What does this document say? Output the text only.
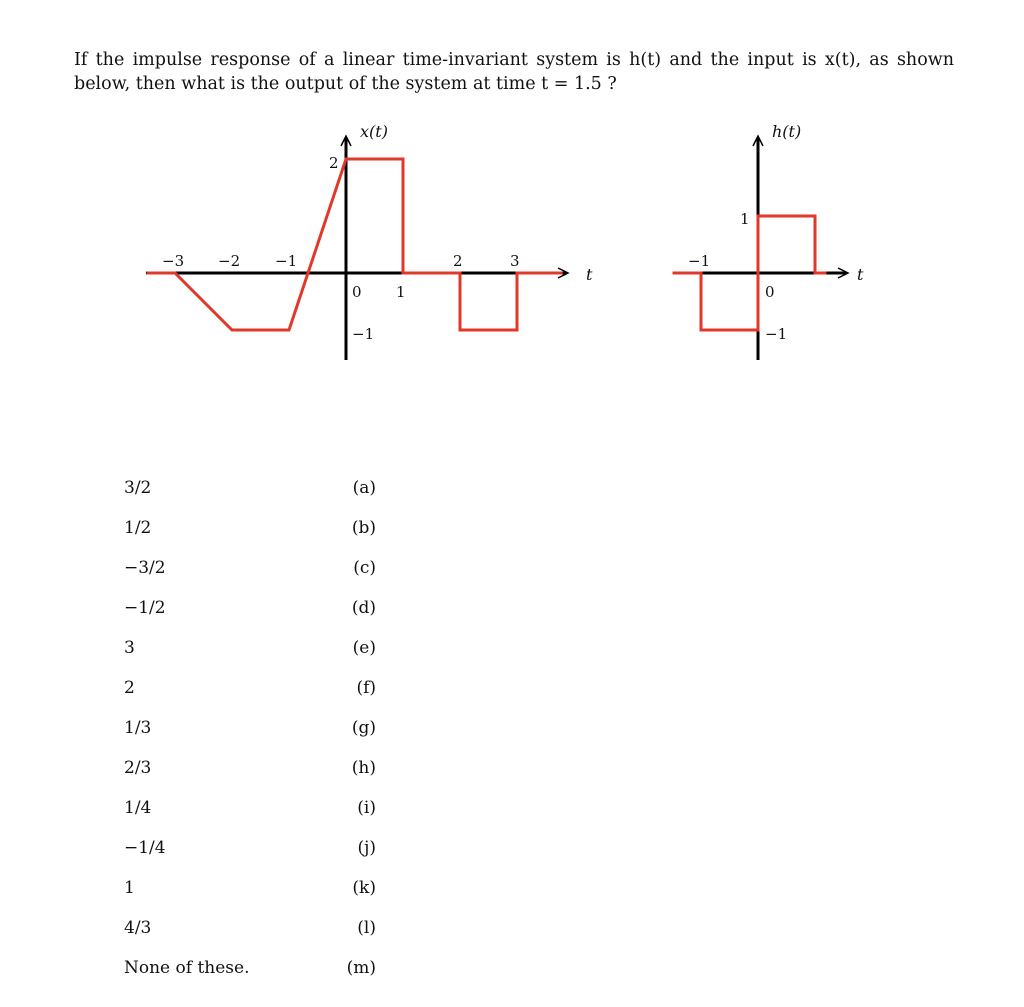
If the impulse response of a linear time-invariant system is h(t) and the input is x(t), as shown
below, then what is the output of the system at time t = 1.5 ?
x(t)
t
−3 −2 −1
0 1
2	3
2
−1
h(t)
t
−1
0
1
−1
(a)
3/2
(b)
1/2
(c)
−3/2
(d)
−1/2
(e)
3
(f)
2
(g)
1/3
(h)
2/3
(i)
1/4
(j)
−1/4
(k)
1
(l)
4/3
(m)
None of these.
